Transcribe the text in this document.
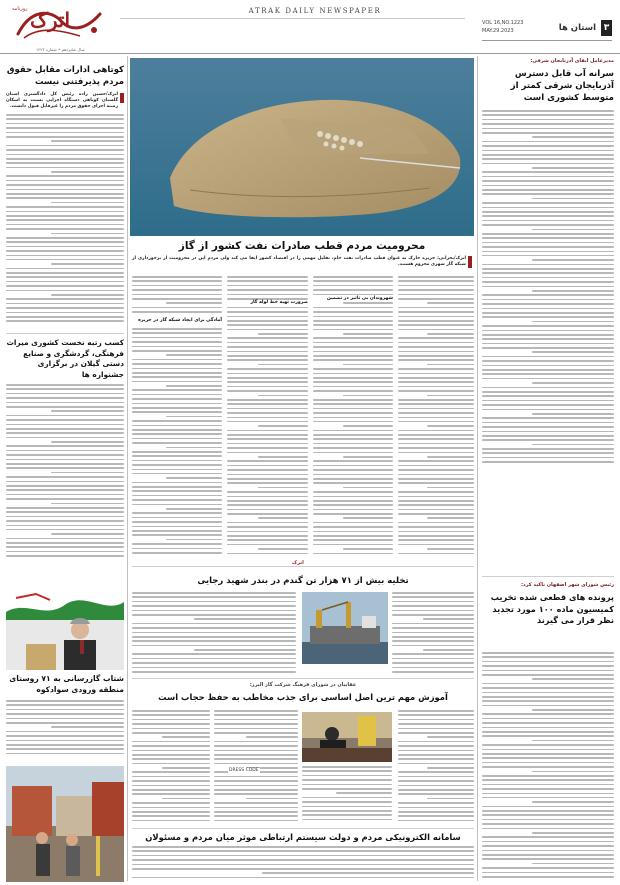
اترک
روزنامه
سال شانزدهم • شماره ۱۲۲۳
ATRAK DAILY NEWSPAPER
۳
استان ها
VOL 16,NO.1223
MAY.29.2023
مدیرعامل ابقای آذربایجان شرقی:
سرانه آب قابل دسترس آذربایجان شرقی کمتر از متوسط کشوری است
رئیس شورای شهر اصفهان تاکید کرد:
پرونده های قطعی شده تخریب کمیسیون ماده ۱۰۰ مورد تجدید نظر قرار می گیرند
محرومیت مردم قطب صادرات نفت کشور از گاز
اترک/بحرانی: جزیره خارک به عنوان قطب صادرات نفت خام، تقلیل مهمی را در اقتصاد کشور ایفا می کند ولی مردم این در محرومیت از برخورداری از شبکه گاز شهری محروم هستند.
شهروندان بی تاثیر در تضمین
ضرورت تهیه خط لوله گاز
آمادگی برای ایجاد شبکه گاز در جزیره
اترک
تخلیه بیش از ۷۱ هزار تن گندم در بندر شهید رجایی
عقاییان در شورای فرهنگ شرکت گاز البرز:
آموزش مهم ترین اصل اساسی برای جذب مخاطب به حفظ حجاب است
DRESS CODE
سامانه الکترونیکی مردم و دولت سیستم ارتباطی موثر میان مردم و مسئولان
کوتاهی ادارات مقابل حقوق مردم پذیرفتنی نیست
اترک/حسین زاده رئیس کل دادگستری استان گلستان کوتاهی دستگاه اجرایی نسبت به اسکان زمینه اجرای حقوق مردم را غیرقابل قبول دانست.
کسب رتبه نخست کشوری میراث فرهنگی، گردشگری و صنایع دستی گیلان در برگزاری جشنواره ها
شتاب گازرسانی به ۷۱ روستای منطقه ورودی سوادکوه
